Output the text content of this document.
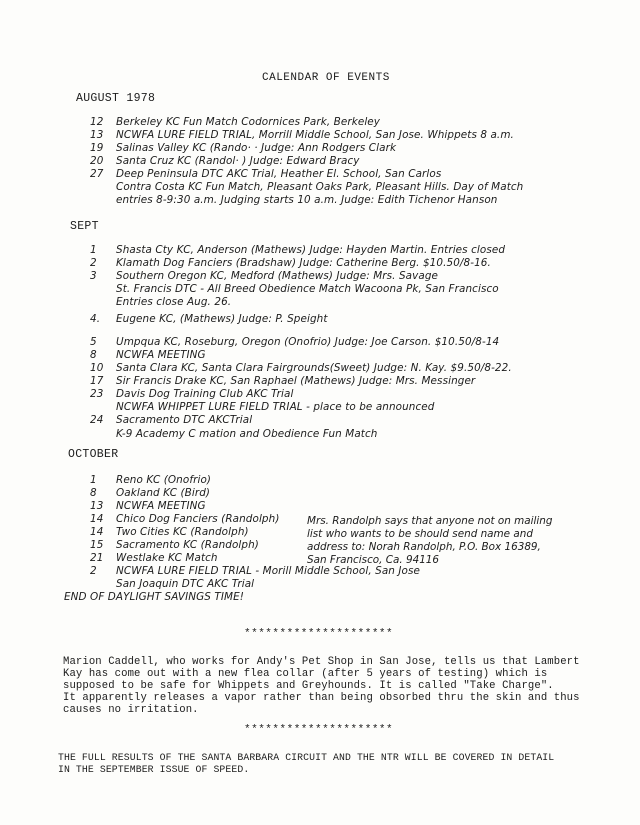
CALENDAR OF EVENTS
AUGUST 1978
12 Berkeley KC Fun Match Codornices Park, Berkeley
13 NCWFA LURE FIELD TRIAL, Morrill Middle School, San Jose. Whippets 8 a.m.
19 Salinas Valley KC (Rando· · Judge: Ann Rodgers Clark
20 Santa Cruz KC (Randol· ) Judge: Edward Bracy
27 Deep Peninsula DTC AKC Trial, Heather El. School, San Carlos
Contra Costa KC Fun Match, Pleasant Oaks Park, Pleasant Hills. Day of Match
entries 8-9:30 a.m. Judging starts 10 a.m. Judge: Edith Tichenor Hanson
SEPT
1 Shasta Cty KC, Anderson (Mathews) Judge: Hayden Martin. Entries closed
2 Klamath Dog Fanciers (Bradshaw) Judge: Catherine Berg. $10.50/8-16.
3 Southern Oregon KC, Medford (Mathews) Judge: Mrs. Savage
St. Francis DTC - All Breed Obedience Match Wacoona Pk, San Francisco
Entries close Aug. 26.
4. Eugene KC, (Mathews) Judge: P. Speight
5 Umpqua KC, Roseburg, Oregon (Onofrio) Judge: Joe Carson. $10.50/8-14
8 NCWFA MEETING
10 Santa Clara KC, Santa Clara Fairgrounds(Sweet) Judge: N. Kay. $9.50/8-22.
17 Sir Francis Drake KC, San Raphael (Mathews) Judge: Mrs. Messinger
23 Davis Dog Training Club AKC Trial
NCWFA WHIPPET LURE FIELD TRIAL - place to be announced
24 Sacramento DTC AKCTrial
K-9 Academy C mation and Obedience Fun Match
OCTOBER
1 Reno KC (Onofrio)
8 Oakland KC (Bird)
13 NCWFA MEETING
14 Chico Dog Fanciers (Randolph)
14 Two Cities KC (Randolph)
15 Sacramento KC (Randolph)
21 Westlake KC Match
2 NCWFA LURE FIELD TRIAL - Morill Middle School, San Jose
San Joaquin DTC AKC Trial
END OF DAYLIGHT SAVINGS TIME!
Mrs. Randolph says that anyone not on mailing
list who wants to be should send name and
address to: Norah Randolph, P.O. Box 16389,
San Francisco, Ca. 94116
*********************
Marion Caddell, who works for Andy's Pet Shop in San Jose, tells us that Lambert
Kay has come out with a new flea collar (after 5 years of testing) which is
supposed to be safe for Whippets and Greyhounds. It is called "Take Charge".
It apparently releases a vapor rather than being obsorbed thru the skin and thus
causes no irritation.
*********************
THE FULL RESULTS OF THE SANTA BARBARA CIRCUIT AND THE NTR WILL BE COVERED IN DETAIL
IN THE SEPTEMBER ISSUE OF SPEED.
